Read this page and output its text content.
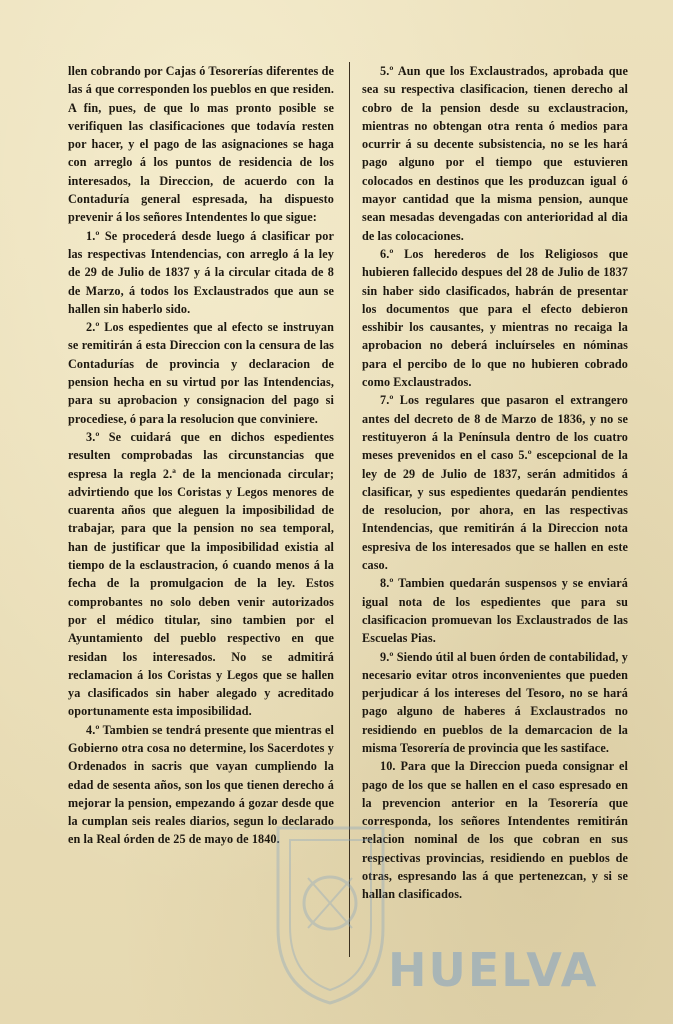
llen cobrando por Cajas ó Tesorerías diferentes de las á que corresponden los pueblos en que residen. A fin, pues, de que lo mas pronto posible se verifiquen las clasificaciones que todavía resten por hacer, y el pago de las asignaciones se haga con arreglo á los puntos de residencia de los interesados, la Direccion, de acuerdo con la Contaduría general espresada, ha dispuesto prevenir á los señores Intendentes lo que sigue:

1.º Se procederá desde luego á clasificar por las respectivas Intendencias, con arreglo á la ley de 29 de Julio de 1837 y á la circular citada de 8 de Marzo, á todos los Exclaustrados que aun se hallen sin haberlo sido.

2.º Los espedientes que al efecto se instruyan se remitirán á esta Direccion con la censura de las Contadurías de provincia y declaracion de pension hecha en su virtud por las Intendencias, para su aprobacion y consignacion del pago si procediese, ó para la resolucion que conviniere.

3.º Se cuidará que en dichos espedientes resulten comprobadas las circunstancias que espresa la regla 2.ª de la mencionada circular; advirtiendo que los Coristas y Legos menores de cuarenta años que aleguen la imposibilidad de trabajar, para que la pension no sea temporal, han de justificar que la imposibilidad existia al tiempo de la esclaustracion, ó cuando menos á la fecha de la promulgacion de la ley. Estos comprobantes no solo deben venir autorizados por el médico titular, sino tambien por el Ayuntamiento del pueblo respectivo en que residan los interesados. No se admitirá reclamacion á los Coristas y Legos que se hallen ya clasificados sin haber alegado y acreditado oportunamente esta imposibilidad.

4.º Tambien se tendrá presente que mientras el Gobierno otra cosa no determine, los Sacerdotes y Ordenados in sacris que vayan cumpliendo la edad de sesenta años, son los que tienen derecho á mejorar la pension, empezando á gozar desde que la cumplan seis reales diarios, segun lo declarado en la Real órden de 25 de mayo de 1840.

5.º Aun que los Exclaustrados, aprobada que sea su respectiva clasificacion, tienen derecho al cobro de la pension desde su exclaustracion, mientras no obtengan otra renta ó medios para ocurrir á su decente subsistencia, no se les hará pago alguno por el tiempo que estuvieren colocados en destinos que les produzcan igual ó mayor cantidad que la misma pension, aunque sean mesadas devengadas con anterioridad al dia de las colocaciones.

6.º Los herederos de los Religiosos que hubieren fallecido despues del 28 de Julio de 1837 sin haber sido clasificados, habrán de presentar los documentos que para el efecto debieron esshibir los causantes, y mientras no recaiga la aprobacion no deberá incluírseles en nóminas para el percibo de lo que no hubieren cobrado como Exclaustrados.

7.º Los regulares que pasaron el extrangero antes del decreto de 8 de Marzo de 1836, y no se restituyeron á la Península dentro de los cuatro meses prevenidos en el caso 5.º escepcional de la ley de 29 de Julio de 1837, serán admitidos á clasificar, y sus espedientes quedarán pendientes de resolucion, por ahora, en las respectivas Intendencias, que remitirán á la Direccion nota espresiva de los interesados que se hallen en este caso.

8.º Tambien quedarán suspensos y se enviará igual nota de los espedientes que para su clasificacion promuevan los Exclaustrados de las Escuelas Pias.

9.º Siendo útil al buen órden de contabilidad, y necesario evitar otros inconvenientes que pueden perjudicar á los intereses del Tesoro, no se hará pago alguno de haberes á Exclaustrados no residiendo en pueblos de la demarcacion de la misma Tesorería de provincia que les sastiface.

10. Para que la Direccion pueda consignar el pago de los que se hallen en el caso espresado en la prevencion anterior en la Tesorería que corresponda, los señores Intendentes remitirán relacion nominal de los que cobran en sus respectivas provincias, residiendo en pueblos de otras, espresando las á que pertenezcan, y si se hallan clasificados.

HUELVA
